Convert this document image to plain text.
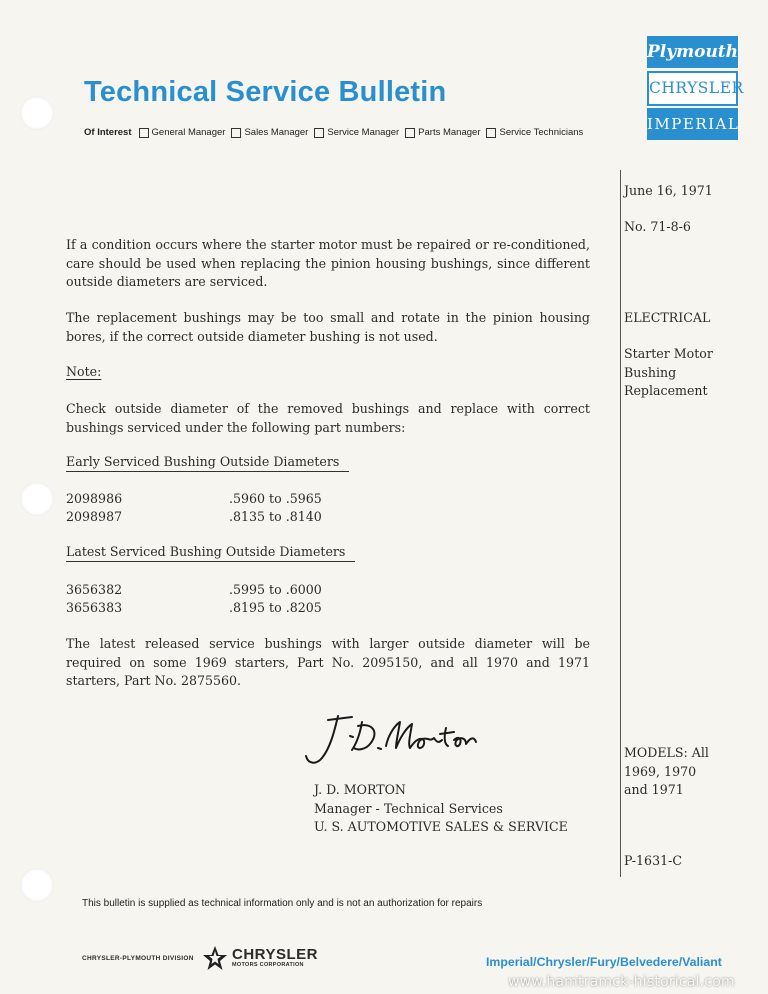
Technical Service Bulletin
Of Interest General Manager Sales Manager Service Manager Parts Manager Service Technicians
Plymouth
CHRYSLER
IMPERIAL
June 16, 1971
No. 71-8-6
ELECTRICAL
Starter Motor
Bushing
Replacement
MODELS: All
1969, 1970
and 1971
P-1631-C
If a condition occurs where the starter motor must be repaired or re-conditioned, care should be used when replacing the pinion housing bushings, since different outside diameters are serviced.
The replacement bushings may be too small and rotate in the pinion housing bores, if the correct outside diameter bushing is not used.
Note:
Check outside diameter of the removed bushings and replace with correct bushings serviced under the following part numbers:
Early Serviced Bushing Outside Diameters
2098986	.5960 to .5965
2098987	.8135 to .8140
Latest Serviced Bushing Outside Diameters
3656382	.5995 to .6000
3656383	.8195 to .8205
The latest released service bushings with larger outside diameter will be required on some 1969 starters, Part No. 2095150, and all 1970 and 1971 starters, Part No. 2875560.
J. D. MORTON
Manager - Technical Services
U. S. AUTOMOTIVE SALES & SERVICE
This bulletin is supplied as technical information only and is not an authorization for repairs
CHRYSLER-PLYMOUTH DIVISION	CHRYSLER
MOTORS CORPORATION	Imperial/Chrysler/Fury/Belvedere/Valiant
www.hamtramck-historical.com
